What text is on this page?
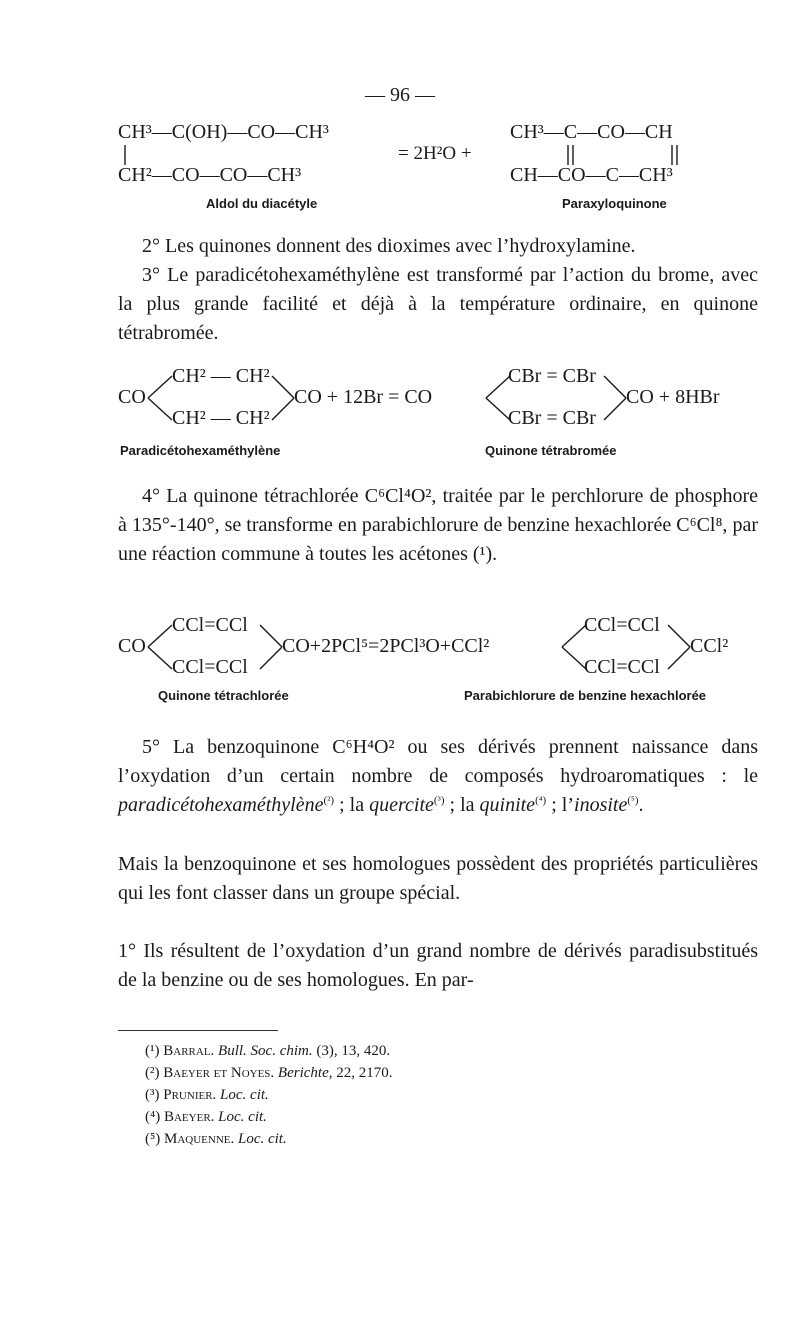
— 96 —
CH³—C(OH)—CO—CH³
CH²—CO—CO—CH³
= 2H²O +
CH³—C—CO—CH
CH—CO—C—CH³
Aldol du diacétyle	Paraxyloquinone

2° Les quinones donnent des dioximes avec l’hydroxylamine.

3° Le paradicétohexaméthylène est transformé par l’action du brome, avec la plus grande facilité et déjà à la température ordinaire, en quinone tétrabromée.

CO
CH² — CH²
CH² — CH²
CO + 12Br = CO
CBr = CBr
CBr = CBr
CO + 8HBr
Paradicétohexaméthylène	Quinone tétrabromée

4° La quinone tétrachlorée C⁶Cl⁴O², traitée par le perchlorure de phosphore à 135°-140°, se transforme en parabichlorure de benzine hexachlorée C⁶Cl⁸, par une réaction commune à toutes les acétones (¹).

CO
CCl=CCl
CCl=CCl
CO+2PCl⁵=2PCl³O+CCl²
CCl=CCl
CCl=CCl
CCl²
Quinone tétrachlorée	Parabichlorure de benzine hexachlorée

5° La benzoquinone C⁶H⁴O² ou ses dérivés prennent naissance dans l’oxydation d’un certain nombre de composés hydroaromatiques : le paradicétohexaméthylène$^{(^2)}$ ; la quercite$^{(^3)}$ ; la quinite$^{(^4)}$ ; l’inosite$^{(^5)}$.

Mais la benzoquinone et ses homologues possèdent des propriétés particulières qui les font classer dans un groupe spécial.

1° Ils résultent de l’oxydation d’un grand nombre de dérivés paradisubstitués de la benzine ou de ses homologues. En par-

(¹) Barral. Bull. Soc. chim. (3), 13, 420.
(²) Baeyer et Noyes. Berichte, 22, 2170.
(³) Prunier. Loc. cit.
(⁴) Baeyer. Loc. cit.
(⁵) Maquenne. Loc. cit.
